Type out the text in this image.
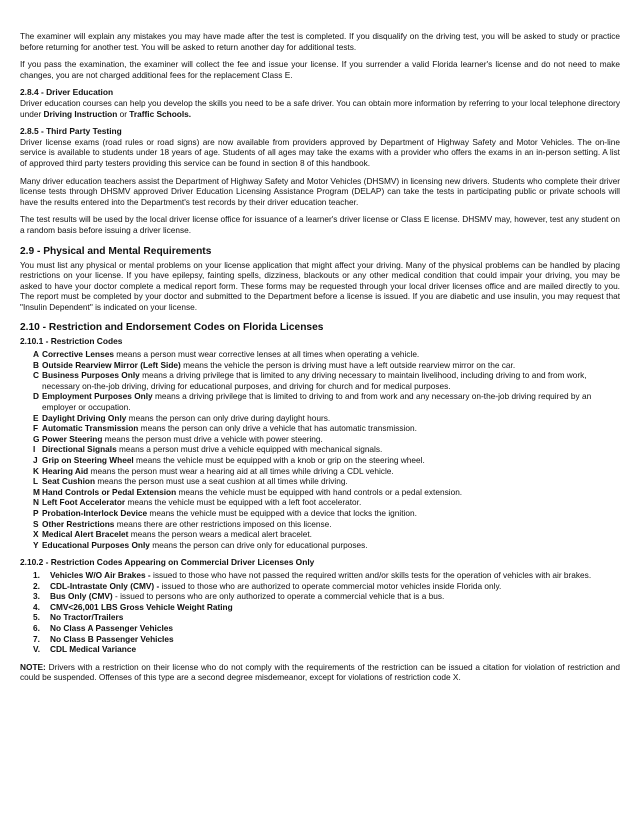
The examiner will explain any mistakes you may have made after the test is completed. If you disqualify on the driving test, you will be asked to study or practice before returning for another test. You will be asked to return another day for additional tests.

If you pass the examination, the examiner will collect the fee and issue your license. If you surrender a valid Florida learner's license and do not need to make changes, you are not charged additional fees for the replacement Class E.

2.8.4 - Driver Education

Driver education courses can help you develop the skills you need to be a safe driver. You can obtain more information by referring to your local telephone directory under Driving Instruction or Traffic Schools.

2.8.5 - Third Party Testing

Driver license exams (road rules or road signs) are now available from providers approved by Department of Highway Safety and Motor Vehicles. The on-line service is available to students under 18 years of age. Students of all ages may take the exams with a provider who offers the exams in an in-person setting. A list of approved third party testers providing this service can be found in section 8 of this handbook.

Many driver education teachers assist the Department of Highway Safety and Motor Vehicles (DHSMV) in licensing new drivers. Students who complete their driver license tests through DHSMV approved Driver Education Licensing Assistance Program (DELAP) can take the tests in participating public or private schools will have the results entered into the Department's test records by their driver education teacher.

The test results will be used by the local driver license office for issuance of a learner's driver license or Class E license. DHSMV may, however, test any student on a random basis before issuing a driver license.

2.9 - Physical and Mental Requirements

You must list any physical or mental problems on your license application that might affect your driving. Many of the physical problems can be handled by placing restrictions on your license. If you have epilepsy, fainting spells, dizziness, blackouts or any other medical condition that could impair your driving, you may be asked to have your doctor complete a medical report form. These forms may be requested through your local driver licenses office and are mailed directly to you. The report must be completed by your doctor and submitted to the Department before a license is issued. If you are diabetic and use insulin, you may request that "Insulin Dependent" is indicated on your license.

2.10 - Restriction and Endorsement Codes on Florida Licenses
2.10.1 - Restriction Codes
A Corrective Lenses means a person must wear corrective lenses at all times when operating a vehicle.
B Outside Rearview Mirror (Left Side) means the vehicle the person is driving must have a left outside rearview mirror on the car.
C Business Purposes Only means a driving privilege that is limited to any driving necessary to maintain livelihood, including driving to and from work, necessary on-the-job driving, driving for educational purposes, and driving for church and for medical purposes.
D Employment Purposes Only means a driving privilege that is limited to driving to and from work and any necessary on-the-job driving required by an employer or occupation.
E Daylight Driving Only means the person can only drive during daylight hours.
F Automatic Transmission means the person can only drive a vehicle that has automatic transmission.
G Power Steering means the person must drive a vehicle with power steering.
I Directional Signals means a person must drive a vehicle equipped with mechanical signals.
J Grip on Steering Wheel means the vehicle must be equipped with a knob or grip on the steering wheel.
K Hearing Aid means the person must wear a hearing aid at all times while driving a CDL vehicle.
L Seat Cushion means the person must use a seat cushion at all times while driving.
M Hand Controls or Pedal Extension means the vehicle must be equipped with hand controls or a pedal extension.
N Left Foot Accelerator means the vehicle must be equipped with a left foot accelerator.
P Probation-Interlock Device means the vehicle must be equipped with a device that locks the ignition.
S Other Restrictions means there are other restrictions imposed on this license.
X Medical Alert Bracelet means the person wears a medical alert bracelet.
Y Educational Purposes Only means the person can drive only for educational purposes.
2.10.2 - Restriction Codes Appearing on Commercial Driver Licenses Only
1. Vehicles W/O Air Brakes - issued to those who have not passed the required written and/or skills tests for the operation of vehicles with air brakes.
2. CDL-Intrastate Only (CMV) - issued to those who are authorized to operate commercial motor vehicles inside Florida only.
3. Bus Only (CMV) - issued to persons who are only authorized to operate a commercial vehicle that is a bus.
4. CMV<26,001 LBS Gross Vehicle Weight Rating
5. No Tractor/Trailers
6. No Class A Passenger Vehicles
7. No Class B Passenger Vehicles
V. CDL Medical Variance

NOTE: Drivers with a restriction on their license who do not comply with the requirements of the restriction can be issued a citation for violation of restriction and could be suspended. Offenses of this type are a second degree misdemeanor, except for violations of restriction code X.
